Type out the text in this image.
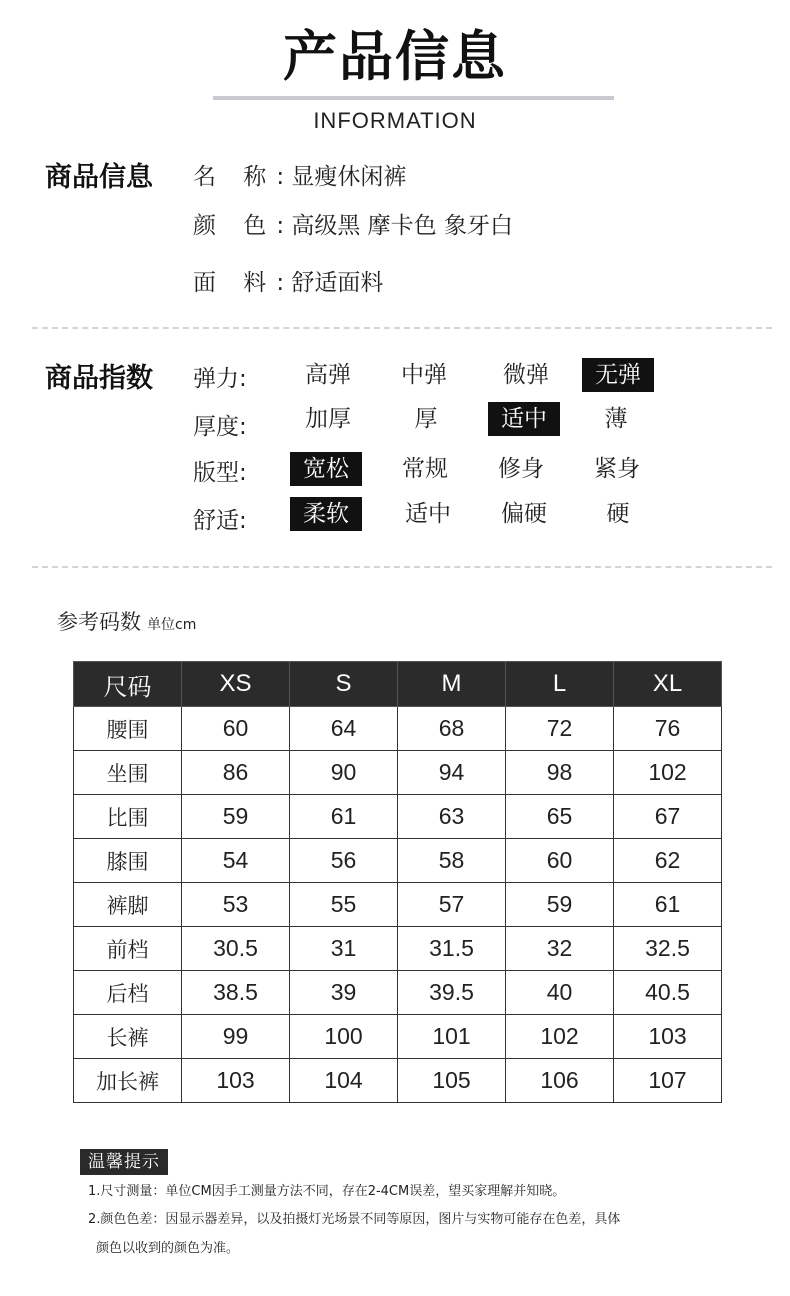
产品信息
INFORMATION
商品信息 名 称: 显瘦休闲裤
颜 色: 高级黑 摩卡色 象牙白
面 料: 舒适面料
商品指数 弹力:	高弹	中弹	微弹	无弹
厚度:	加厚	厚	适中	薄
版型:	宽松	常规	修身	紧身
舒适:	柔软	适中	偏硬	硬
参考码数 单位cm
尺码	XS	S	M	L	XL
腰围	60	64	68	72	76
坐围	86	90	94	98	102
比围	59	61	63	65	67
膝围	54	56	58	60	62
裤脚	53	55	57	59	61
前档	30.5	31	31.5	32	32.5
后档	38.5	39	39.5	40	40.5
长裤	99	100	101	102	103
加长裤	103	104	105	106	107
温馨提示
1.尺寸测量：单位CM因手工测量方法不同，存在2-4CM误差，望买家理解并知晓。
2.颜色色差：因显示器差异，以及拍摄灯光场景不同等原因，图片与实物可能存在色差，具体
颜色以收到的颜色为准。
